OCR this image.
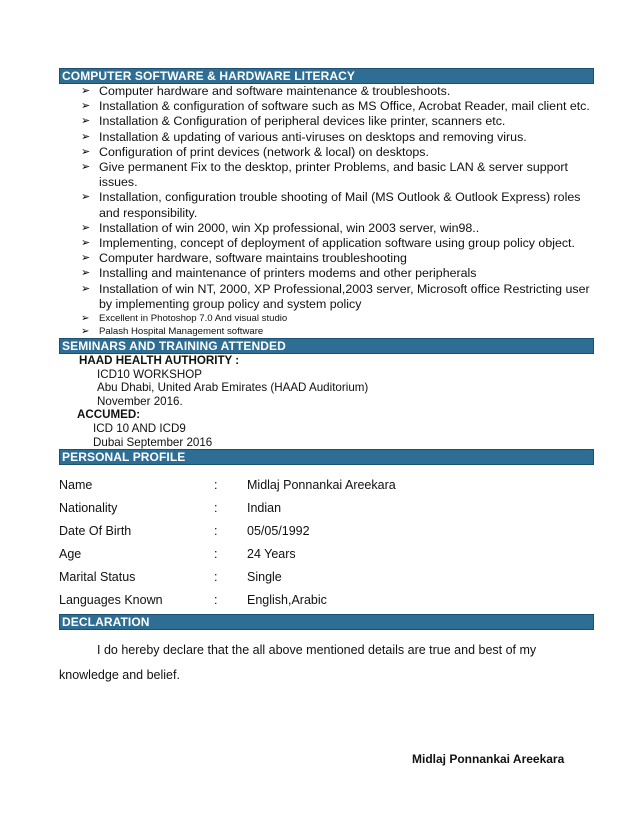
COMPUTER SOFTWARE & HARDWARE LITERACY
➢ Computer hardware and software maintenance & troubleshoots.
➢ Installation & configuration of software such as MS Office, Acrobat Reader, mail client etc.
➢ Installation & Configuration of peripheral devices like printer, scanners etc.
➢ Installation & updating of various anti-viruses on desktops and removing virus.
➢ Configuration of print devices (network & local) on desktops.
➢ Give permanent Fix to the desktop, printer Problems, and basic LAN & server support issues.
➢ Installation, configuration trouble shooting of Mail (MS Outlook & Outlook Express) roles and responsibility.
➢ Installation of win 2000, win Xp professional, win 2003 server, win98..
➢ Implementing, concept of deployment of application software using group policy object.
➢ Computer hardware, software maintains troubleshooting
➢ Installing and maintenance of printers modems and other peripherals
➢ Installation of win NT, 2000, XP Professional,2003 server, Microsoft office Restricting user by implementing group policy and system policy
➢ Excellent in Photoshop 7.0 And visual studio
➢ Palash Hospital Management software
SEMINARS AND TRAINING ATTENDED
HAAD HEALTH AUTHORITY :
ICD10 WORKSHOP
Abu Dhabi, United Arab Emirates (HAAD Auditorium)
November 2016.
ACCUMED:
ICD 10 AND ICD9
Dubai September 2016
PERSONAL PROFILE
Name	:	Midlaj Ponnankai Areekara
Nationality	:	Indian
Date Of Birth	:	05/05/1992
Age	:	24 Years
Marital Status	:	Single
Languages Known	:	English,Arabic
DECLARATION
I do hereby declare that the all above mentioned details are true and best of my knowledge and belief.
Midlaj Ponnankai Areekara
